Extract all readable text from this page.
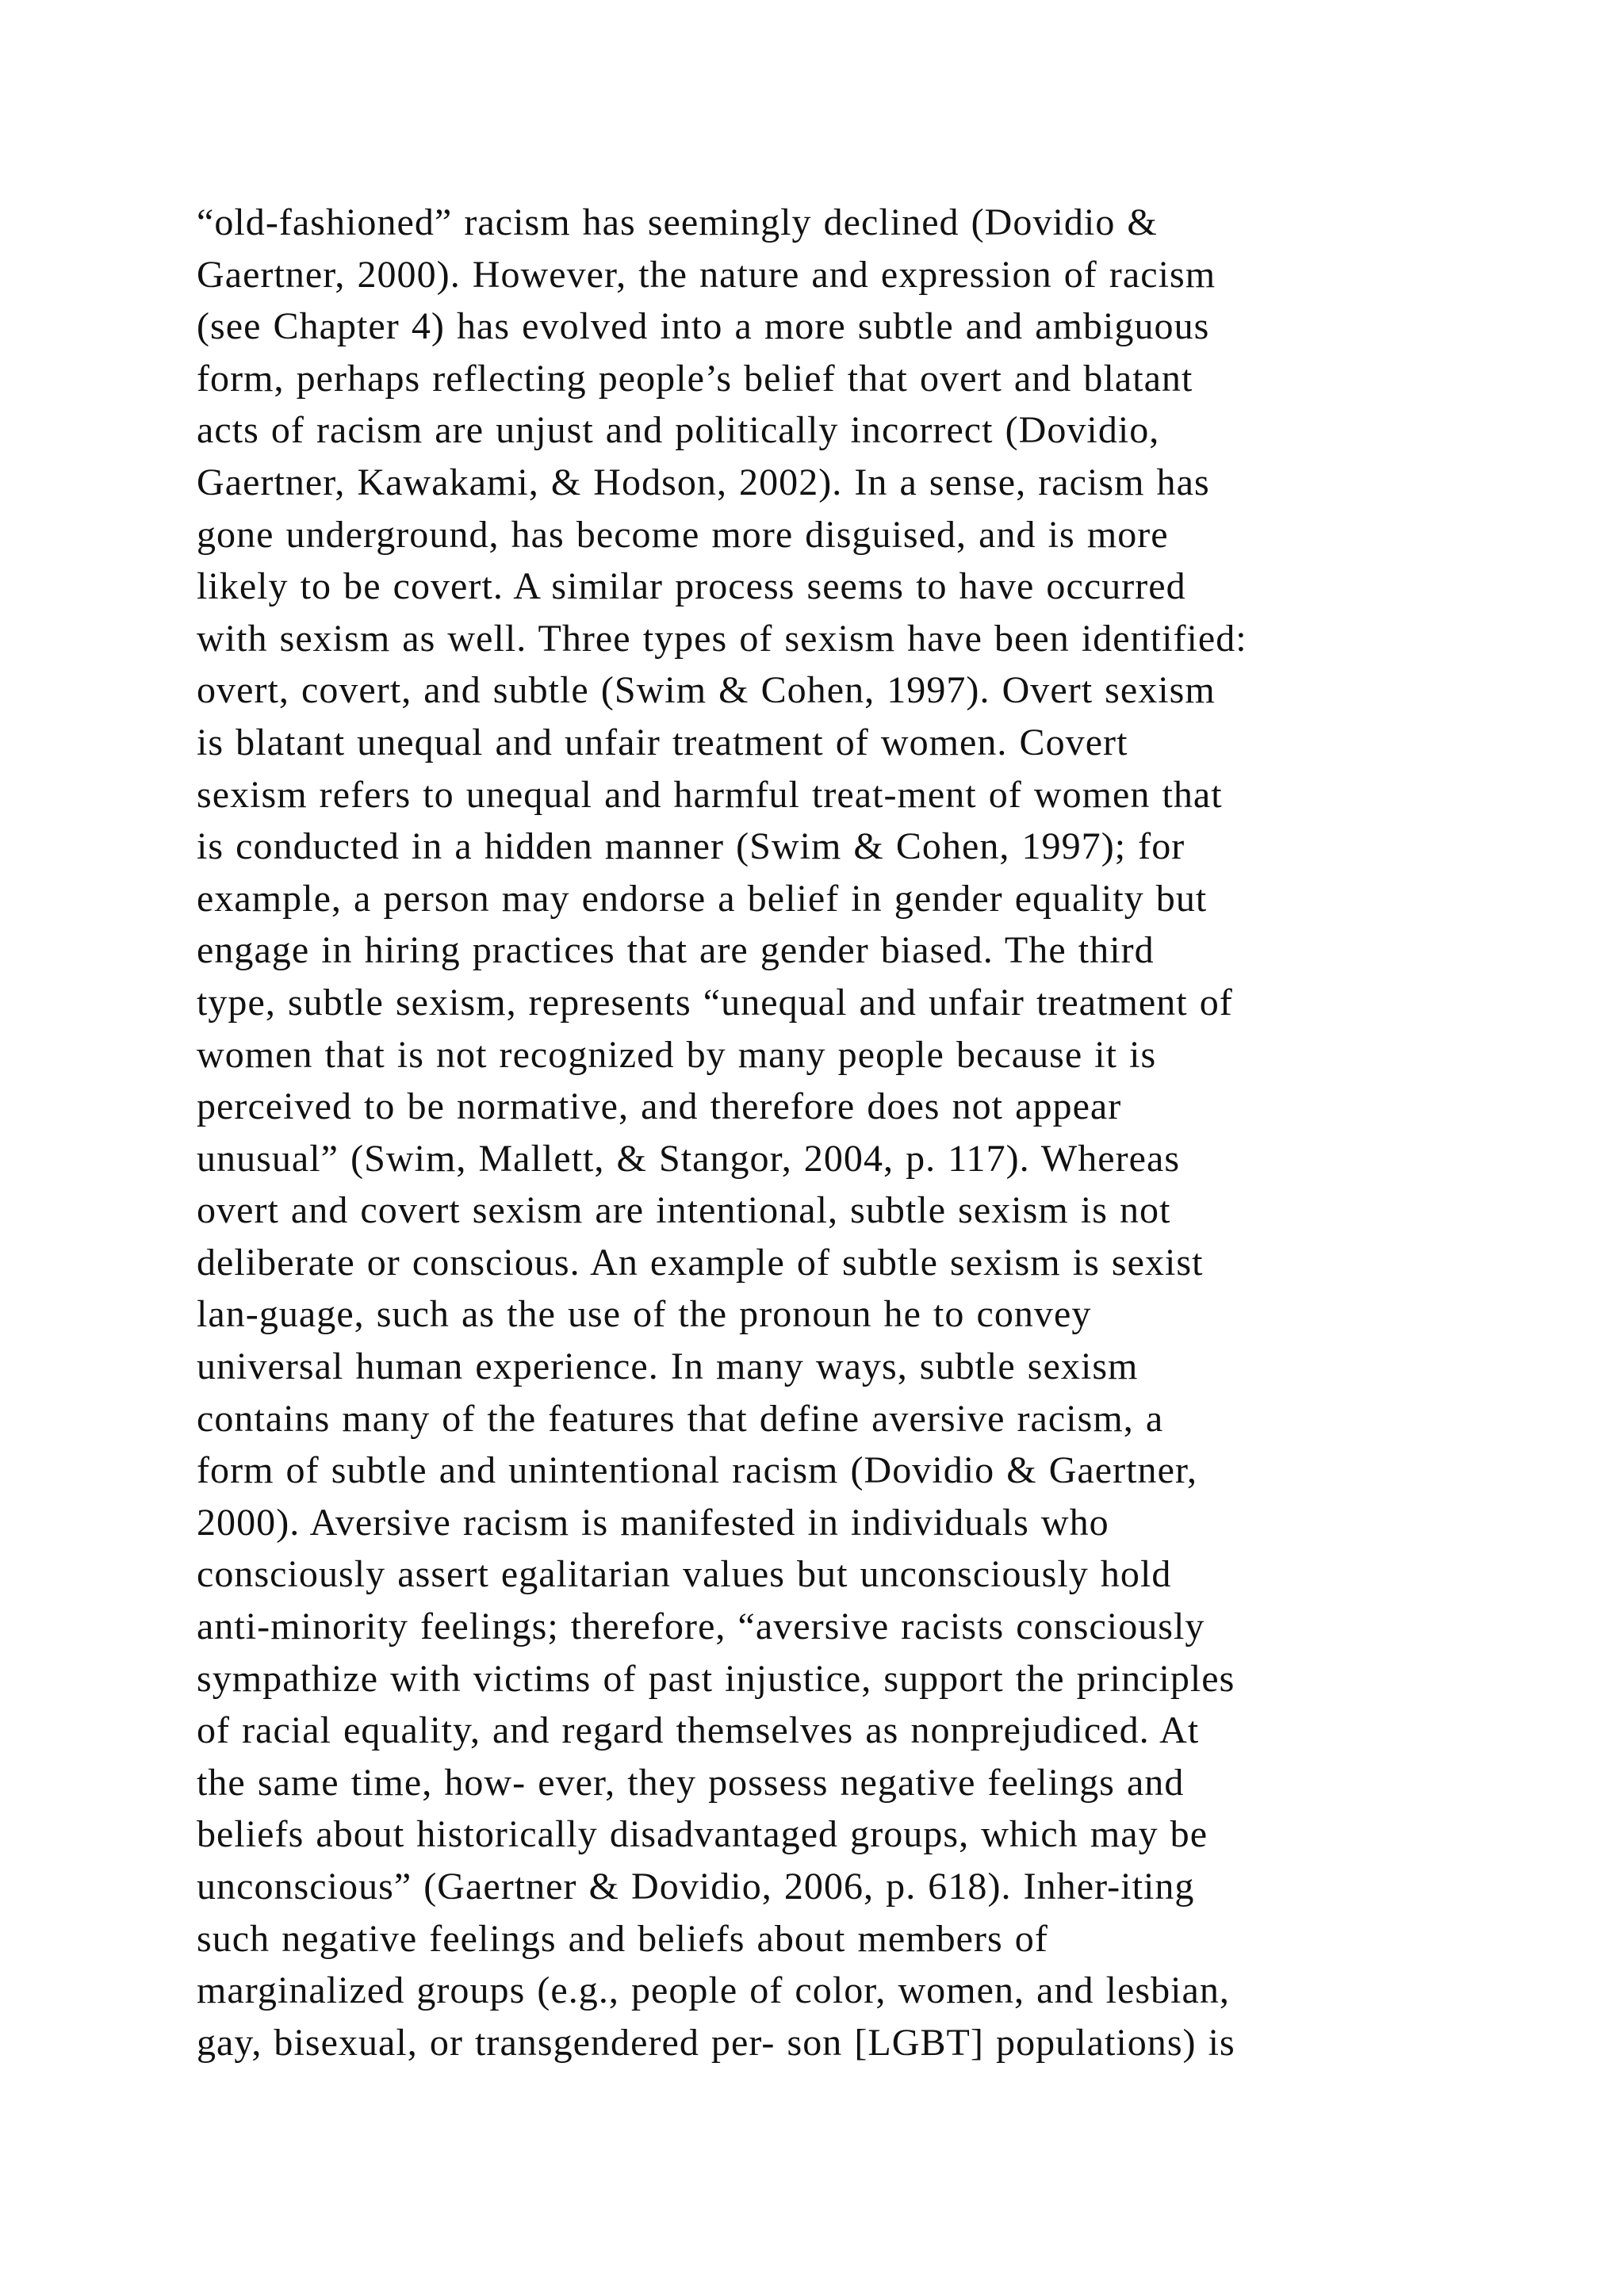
“old-fashioned” racism has seemingly declined (Dovidio &
Gaertner, 2000). However, the nature and expression of racism
(see Chapter 4) has evolved into a more subtle and ambiguous
form, perhaps reflecting people’s belief that overt and blatant
acts of racism are unjust and politically incorrect (Dovidio,
Gaertner, Kawakami, & Hodson, 2002). In a sense, racism has
gone underground, has become more disguised, and is more
likely to be covert. A similar process seems to have occurred
with sexism as well. Three types of sexism have been identified:
overt, covert, and subtle (Swim & Cohen, 1997). Overt sexism
is blatant unequal and unfair treatment of women. Covert
sexism refers to unequal and harmful treat-ment of women that
is conducted in a hidden manner (Swim & Cohen, 1997); for
example, a person may endorse a belief in gender equality but
engage in hiring practices that are gender biased. The third
type, subtle sexism, represents “unequal and unfair treatment of
women that is not recognized by many people because it is
perceived to be normative, and therefore does not appear
unusual” (Swim, Mallett, & Stangor, 2004, p. 117). Whereas
overt and covert sexism are intentional, subtle sexism is not
deliberate or conscious. An example of subtle sexism is sexist
lan-guage, such as the use of the pronoun he to convey
universal human experience. In many ways, subtle sexism
contains many of the features that define aversive racism, a
form of subtle and unintentional racism (Dovidio & Gaertner,
2000). Aversive racism is manifested in individuals who
consciously assert egalitarian values but unconsciously hold
anti-minority feelings; therefore, “aversive racists consciously
sympathize with victims of past injustice, support the principles
of racial equality, and regard themselves as nonprejudiced. At
the same time, how- ever, they possess negative feelings and
beliefs about historically disadvantaged groups, which may be
unconscious” (Gaertner & Dovidio, 2006, p. 618). Inher-iting
such negative feelings and beliefs about members of
marginalized groups (e.g., people of color, women, and lesbian,
gay, bisexual, or transgendered per- son [LGBT] populations) is
